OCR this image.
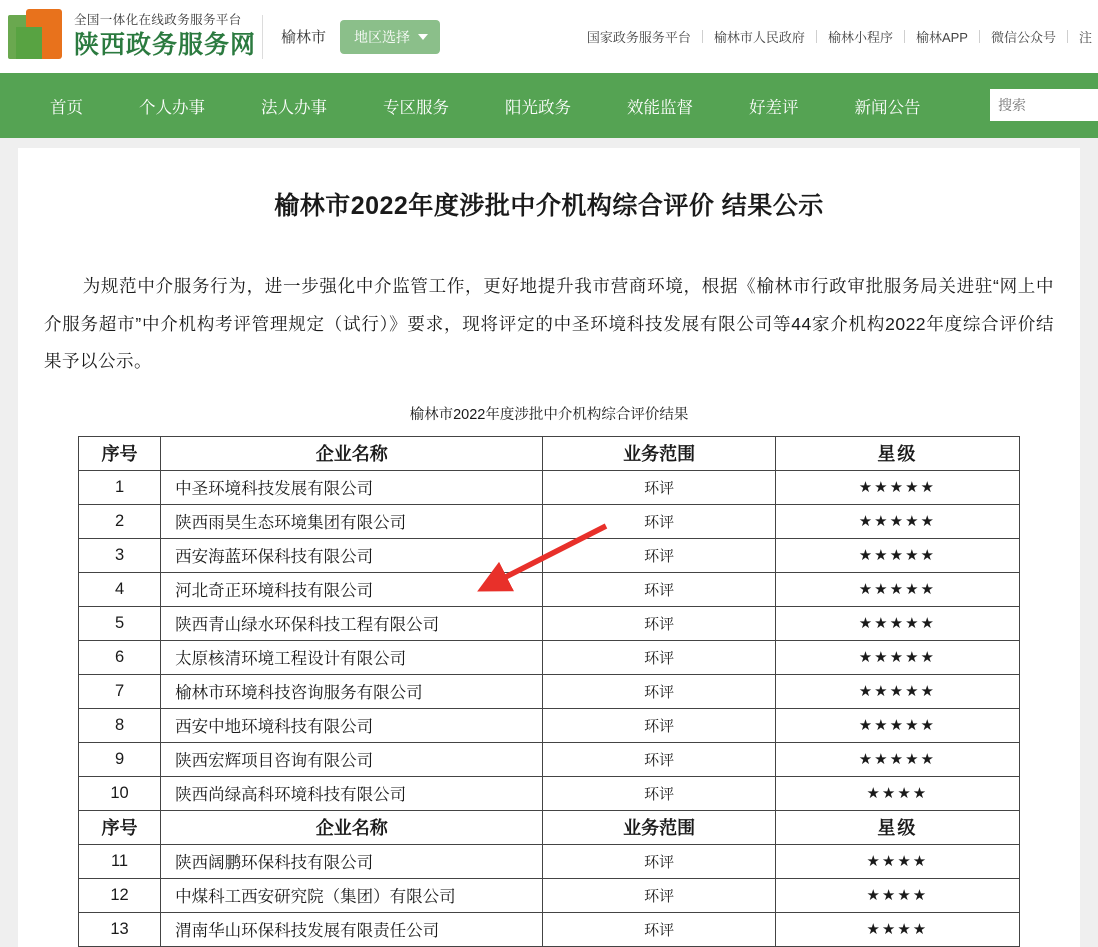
全国一体化在线政务服务平台
陕西政务服务网 榆林市 地区选择	国家政务服务平台	榆林市人民政府	榆林小程序	榆林APP	微信公众号	注
首页	个人办事	法人办事	专区服务	阳光政务	效能监督	好差评	新闻公告
搜索
榆林市2022年度涉批中介机构综合评价 结果公示
为规范中介服务行为，进一步强化中介监管工作，更好地提升我市营商环境，根据《榆林市行政审批服务局关进驻“网上中介服务超市”中介机构考评管理规定（试行）》要求，现将评定的中圣环境科技发展有限公司等44家介机构2022年度综合评价结果予以公示。
榆林市2022年度涉批中介机构综合评价结果
序号	企业名称	业务范围	星级
1	中圣环境科技发展有限公司	环评	★★★★★
2	陕西雨昊生态环境集团有限公司	环评	★★★★★
3	西安海蓝环保科技有限公司	环评	★★★★★
4	河北奇正环境科技有限公司	环评	★★★★★
5	陕西青山绿水环保科技工程有限公司	环评	★★★★★
6	太原核清环境工程设计有限公司	环评	★★★★★
7	榆林市环境科技咨询服务有限公司	环评	★★★★★
8	西安中地环境科技有限公司	环评	★★★★★
9	陕西宏辉项目咨询有限公司	环评	★★★★★
10	陕西尚绿高科环境科技有限公司	环评	★★★★
序号	企业名称	业务范围	星级
11	陕西阔鹏环保科技有限公司	环评	★★★★
12	中煤科工西安研究院（集团）有限公司	环评	★★★★
13	渭南华山环保科技发展有限责任公司	环评	★★★★
